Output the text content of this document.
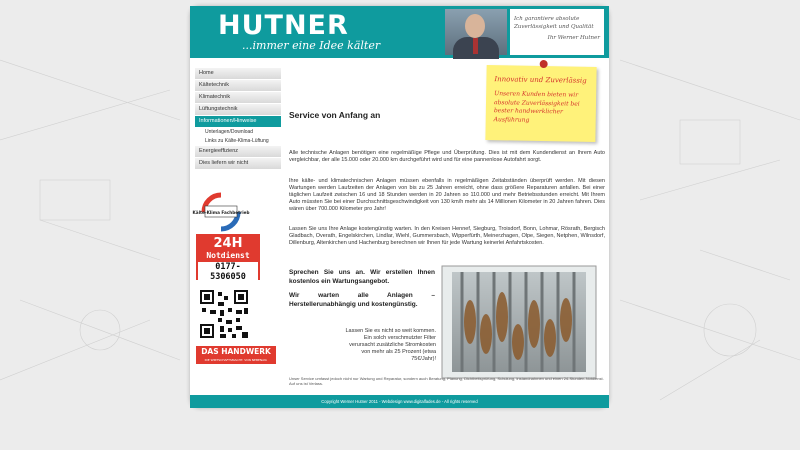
HUTNER
...immer eine Idee kälter
Ich garantiere absolute
Zuverlässigkeit und Qualität
Ihr Werner Hutner
Home
Kältetechnik
Klimatechnik
Lüftungstechnik
Informationen/Hinweise
Unterlagen/Download
Links zu Kälte-Klima-Lüftung
Energieeffizienz
Dies liefern wir nicht
Kälte-Klima Fachbetrieb
24H
Notdienst
0177-5306050
DAS HANDWERK
DIE WIRTSCHAFTSMACHT. VON NEBENAN.
Innovativ und Zuverlässig
Unseren Kunden bieten wir absolute Zuverlässigkeit bei bester handwerklicher Ausführung
Service von Anfang an

Alle technische Anlagen benötigen eine regelmäßige Pflege und Überprüfung. Dies ist mit dem Kundendienst an Ihrem Auto vergleichbar, der alle 15.000 oder 20.000 km durchgeführt wird und für eine pannenlose Autofahrt sorgt.

Ihre kälte- und klimatechnischen Anlagen müssen ebenfalls in regelmäßigen Zeitabständen überprüft werden. Mit diesen Wartungen werden Laufzeiten der Anlagen von bis zu 25 Jahren erreicht, ohne dass größere Reparaturen anfallen. Bei einer täglichen Laufzeit zwischen 16 und 18 Stunden werden in 20 Jahren so 110.000 und mehr Betriebsstunden erreicht. Mit Ihrem Auto müssten Sie bei einer Durchschnittsgeschwindigkeit von 130 km/h mehr als 14 Millionen Kilometer in 20 Jahren fahren. Dies wären über 700.000 Kilometer pro Jahr!

Lassen Sie uns Ihre Anlage kostengünstig warten. In den Kreisen Hennef, Siegburg, Troisdorf, Bonn, Lohmar, Rösrath, Bergisch Gladbach, Overath, Engelskirchen, Lindlar, Wiehl, Gummersbach, Wipperfürth, Meinerzhagen, Olpe, Siegen, Netphen, Wilnsdorf, Dillenburg, Altenkirchen und Hachenburg berechnen wir Ihnen für jede Wartung keinerlei Anfahrtskosten.

Sprechen Sie uns an. Wir erstellen Ihnen kostenlos ein Wartungsangebot.

Wir warten alle Anlagen – Herstellerunabhängig und kostengünstig.

Lassen Sie es nicht so weit kommen. Ein solch verschmutzter Filter verursacht zusätzliche Stromkosten von mehr als 25 Prozent (etwa 75€/Jahr)!
Unser Service umfasst jedoch nicht nur Wartung und Reparatur, sondern auch Beratung, Planung, Dichtheitsprüfung, Schulung, Instandnahmen und einen 24-Stunden-Notdienst. Auf uns ist Verlass.
Copyright Werner Hutner 2011 - Webdesign www.digitalfades.de - All rights reserved
